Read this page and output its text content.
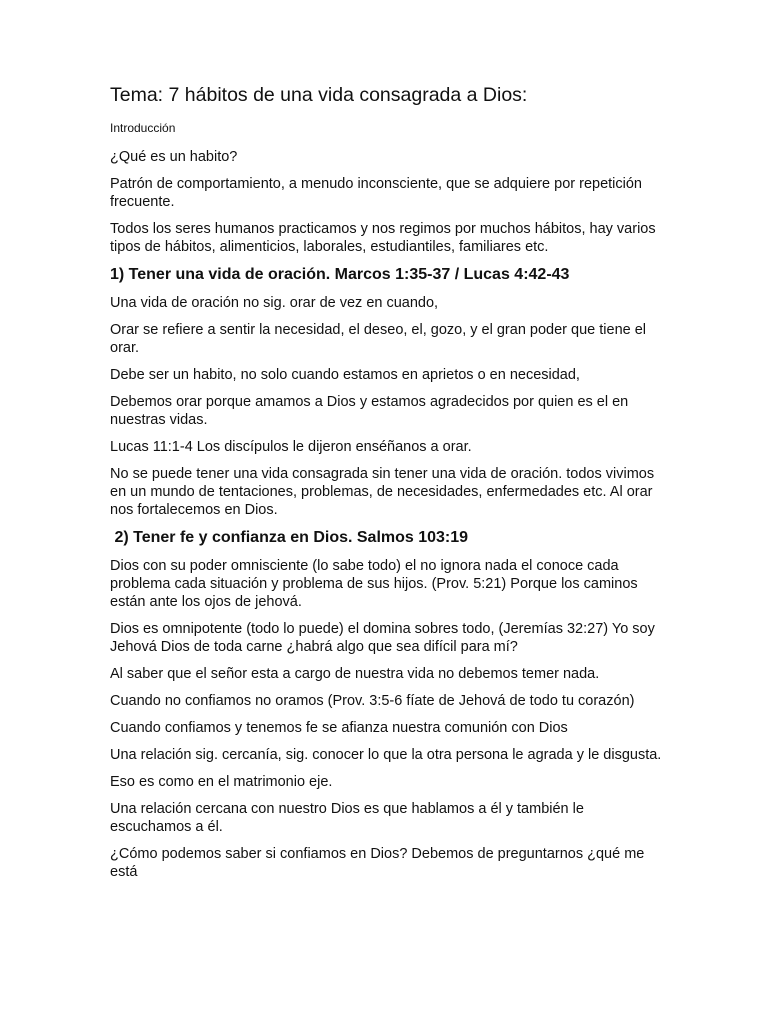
Tema: 7 hábitos de una vida consagrada a Dios:
Introducción

¿Qué es un habito?

Patrón de comportamiento, a menudo inconsciente, que se adquiere por repetición frecuente.

Todos los seres humanos practicamos y nos regimos por muchos hábitos, hay varios tipos de hábitos, alimenticios, laborales, estudiantiles, familiares etc.

1) Tener una vida de oración. Marcos 1:35-37 / Lucas 4:42-43

Una vida de oración no sig. orar de vez en cuando,

Orar se refiere a sentir la necesidad, el deseo, el, gozo, y el gran poder que tiene el orar.

Debe ser un habito, no solo cuando estamos en aprietos o en necesidad,

Debemos orar porque amamos a Dios y estamos agradecidos por quien es el en nuestras vidas.

Lucas 11:1-4 Los discípulos le dijeron enséñanos a orar.

No se puede tener una vida consagrada sin tener una vida de oración. todos vivimos en un mundo de tentaciones, problemas, de necesidades, enfermedades etc. Al orar nos fortalecemos en Dios.

2) Tener fe y confianza en Dios. Salmos 103:19

Dios con su poder omnisciente (lo sabe todo) el no ignora nada el conoce cada problema cada situación y problema de sus hijos. (Prov. 5:21) Porque los caminos están ante los ojos de jehová.

Dios es omnipotente (todo lo puede) el domina sobres todo, (Jeremías 32:27) Yo soy Jehová Dios de toda carne ¿habrá algo que sea difícil para mí?

Al saber que el señor esta a cargo de nuestra vida no debemos temer nada.

Cuando no confiamos no oramos (Prov. 3:5-6 fíate de Jehová de todo tu corazón)

Cuando confiamos y tenemos fe se afianza nuestra comunión con Dios

Una relación sig. cercanía, sig. conocer lo que la otra persona le agrada y le disgusta.

Eso es como en el matrimonio eje.

Una relación cercana con nuestro Dios es que hablamos a él y también le escuchamos a él.

¿Cómo podemos saber si confiamos en Dios? Debemos de preguntarnos ¿qué me está
